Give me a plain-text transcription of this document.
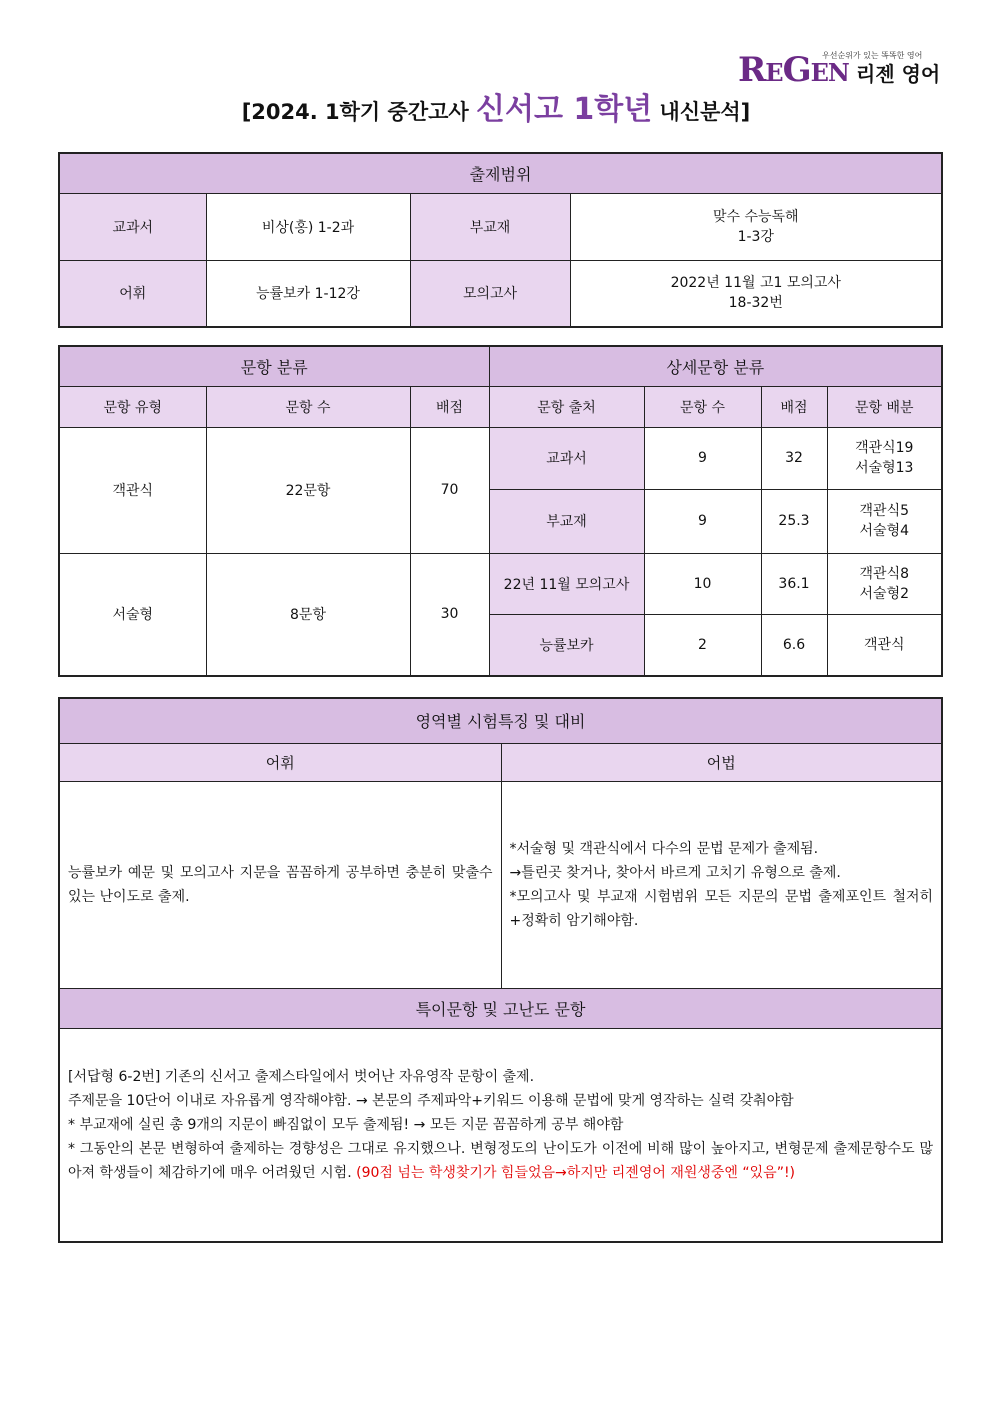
우선순위가 있는 똑똑한 영어
REGEN 리젠 영어
[2024. 1학기 중간고사 신서고 1학년 내신분석]
출제범위			
교과서	비상(홍) 1-2과	부교재	맞수 수능독해
1-3강
어휘	능률보카 1-12강	모의고사	2022년 11월 고1 모의고사
18-32번
문항 분류			상세문항 분류			
문항 유형	문항 수	배점	문항 출처	문항 수	배점	문항 배분
객관식	22문항	70	교과서	9	32	객관식19
서술형13
			부교재	9	25.3	객관식5
서술형4
서술형	8문항	30	22년 11월 모의고사	10	36.1	객관식8
서술형2
			능률보카	2	6.6	객관식
영역별 시험특징 및 대비	
어휘	어법

능률보카 예문 및 모의고사 지문을 꼼꼼하게 공부하면 충분히 맞출수 있는 난이도로 출제.	*서술형 및 객관식에서 다수의 문법 문제가 출제됨.
→틀린곳 찾거나, 찾아서 바르게 고치기 유형으로 출제.
*모의고사 및 부교재 시험범위 모든 지문의 문법 출제포인트 철저히+정확히 암기해야함.

특이문항 및 고난도 문항	

[서답형 6-2번] 기존의 신서고 출제스타일에서 벗어난 자유영작 문항이 출제.
주제문을 10단어 이내로 자유롭게 영작해야함. → 본문의 주제파악+키워드 이용해 문법에 맞게 영작하는 실력 갖춰야함
* 부교재에 실린 총 9개의 지문이 빠짐없이 모두 출제됨! → 모든 지문 꼼꼼하게 공부 해야함
* 그동안의 본문 변형하여 출제하는 경향성은 그대로 유지했으나. 변형정도의 난이도가 이전에 비해 많이 높아지고, 변형문제 출제문항수도 많아져 학생들이 체감하기에 매우 어려웠던 시험. (90점 넘는 학생찾기가 힘들었음→하지만 리젠영어 재원생중엔 “있음”!)	
